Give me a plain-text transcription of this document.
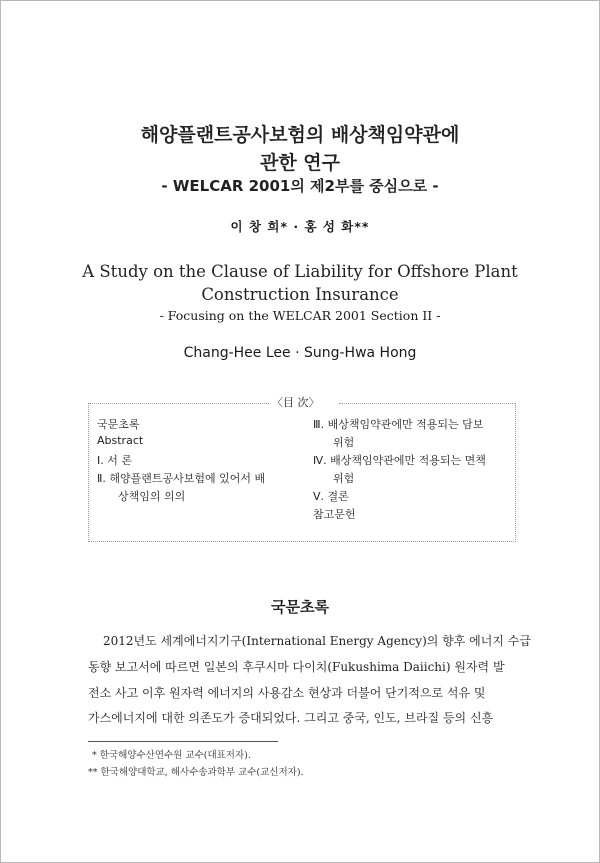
해양플랜트공사보험의 배상책임약관에
관한 연구
- WELCAR 2001의 제2부를 중심으로 -
이 창 희* · 홍 성 화**
A Study on the Clause of Liability for Offshore Plant
Construction Insurance
- Focusing on the WELCAR 2001 Section II -
Chang-Hee Lee · Sung-Hwa Hong
〈目 次〉
국문초록
Abstract
Ⅰ. 서 론
Ⅱ. 해양플랜트공사보험에 있어서 배
상책임의 의의
Ⅲ. 배상책임약관에만 적용되는 담보
위험
Ⅳ. 배상책임약관에만 적용되는 면책
위험
Ⅴ. 결론
참고문헌
국문초록
2012년도 세계에너지기구(International Energy Agency)의 향후 에너지 수급
동향 보고서에 따르면 일본의 후쿠시마 다이치(Fukushima Daiichi) 원자력 발
전소 사고 이후 원자력 에너지의 사용감소 현상과 더불어 단기적으로 석유 및
가스에너지에 대한 의존도가 증대되었다. 그리고 중국, 인도, 브라질 등의 신흥
* 한국해양수산연수원 교수(대표저자).
** 한국해양대학교, 해사수송과학부 교수(교신저자).
